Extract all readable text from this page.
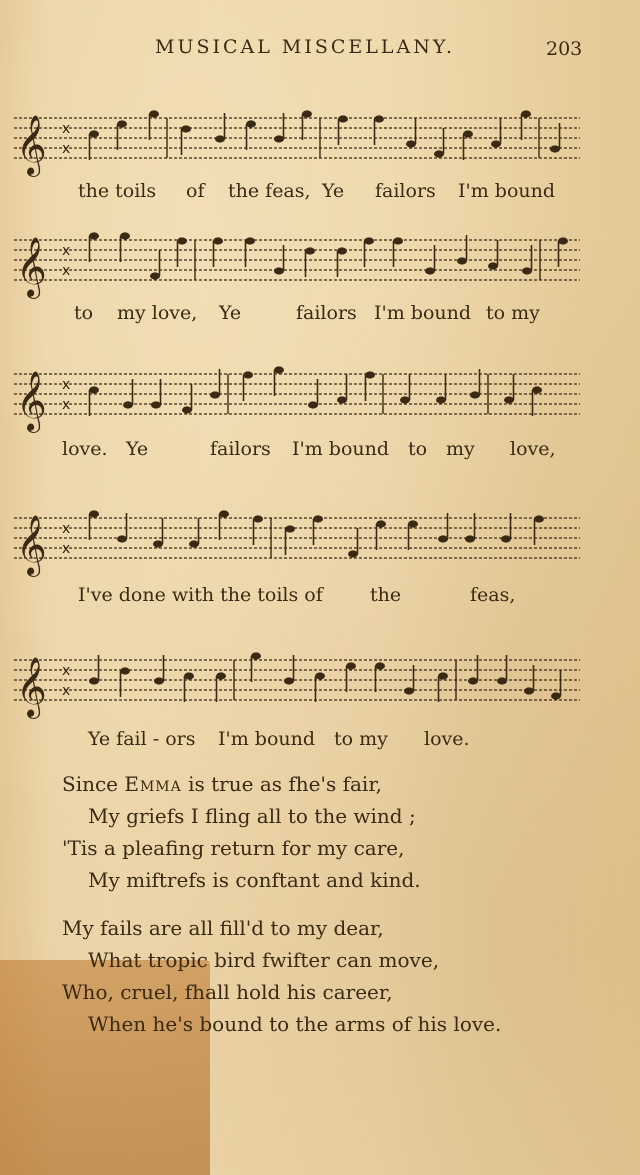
MUSICAL MISCELLANY.	203
𝄞 x
x
the toils of the feas, Ye failors I'm bound
𝄞 x
x
to my love, Ye	failors I'm bound to my
𝄞 x
x
love. Ye	failors I'm bound to my love,
𝄞 x
x
I've done with the toils of the	feas,
𝄞 x
x
Ye fail - ors I'm bound to my love.
Since Emma is true as fhe's fair,
My griefs I fling all to the wind ;
'Tis a pleafing return for my care,
My miftrefs is conftant and kind.
My fails are all fill'd to my dear,
What tropic bird fwifter can move,
Who, cruel, fhall hold his career,
When he's bound to the arms of his love.
